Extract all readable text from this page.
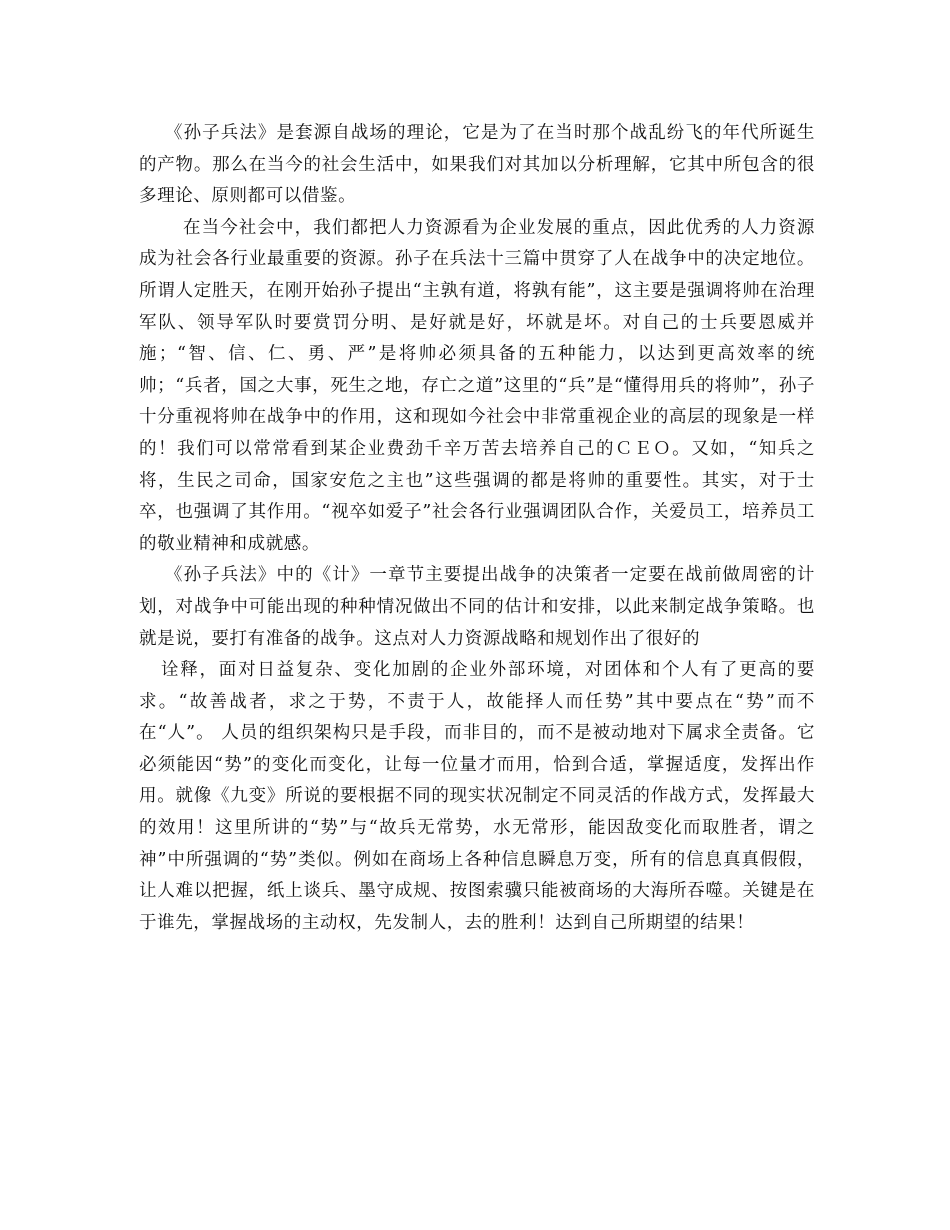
《孙子兵法》是套源自战场的理论，它是为了在当时那个战乱纷飞的年代所诞生的产物。那么在当今的社会生活中，如果我们对其加以分析理解，它其中所包含的很多理论、原则都可以借鉴。

在当今社会中，我们都把人力资源看为企业发展的重点，因此优秀的人力资源成为社会各行业最重要的资源。孙子在兵法十三篇中贯穿了人在战争中的决定地位。所谓人定胜天，在刚开始孙子提出“主孰有道，将孰有能”，这主要是强调将帅在治理军队、领导军队时要赏罚分明、是好就是好，坏就是坏。对自己的士兵要恩威并施；“智、信、仁、勇、严”是将帅必须具备的五种能力，以达到更高效率的统帅；“兵者，国之大事，死生之地，存亡之道”这里的“兵”是“懂得用兵的将帅”，孙子十分重视将帅在战争中的作用，这和现如今社会中非常重视企业的高层的现象是一样的！我们可以常常看到某企业费劲千辛万苦去培养自己的ＣＥＯ。又如，“知兵之将，生民之司命，国家安危之主也”这些强调的都是将帅的重要性。其实，对于士卒，也强调了其作用。“视卒如爱子”社会各行业强调团队合作，关爱员工，培养员工的敬业精神和成就感。

《孙子兵法》中的《计》一章节主要提出战争的决策者一定要在战前做周密的计划，对战争中可能出现的种种情况做出不同的估计和安排，以此来制定战争策略。也就是说，要打有准备的战争。这点对人力资源战略和规划作出了很好的

诠释，面对日益复杂、变化加剧的企业外部环境，对团体和个人有了更高的要求。“故善战者，求之于势，不责于人，故能择人而任势”其中要点在“势”而不在“人”。 人员的组织架构只是手段，而非目的，而不是被动地对下属求全责备。它必须能因“势”的变化而变化，让每一位量才而用，恰到合适，掌握适度，发挥出作用。就像《九变》所说的要根据不同的现实状况制定不同灵活的作战方式，发挥最大的效用！这里所讲的“势”与“故兵无常势，水无常形，能因敌变化而取胜者，谓之神”中所强调的“势”类似。例如在商场上各种信息瞬息万变，所有的信息真真假假，让人难以把握，纸上谈兵、墨守成规、按图索骥只能被商场的大海所吞噬。关键是在于谁先，掌握战场的主动权，先发制人，去的胜利！达到自己所期望的结果！
